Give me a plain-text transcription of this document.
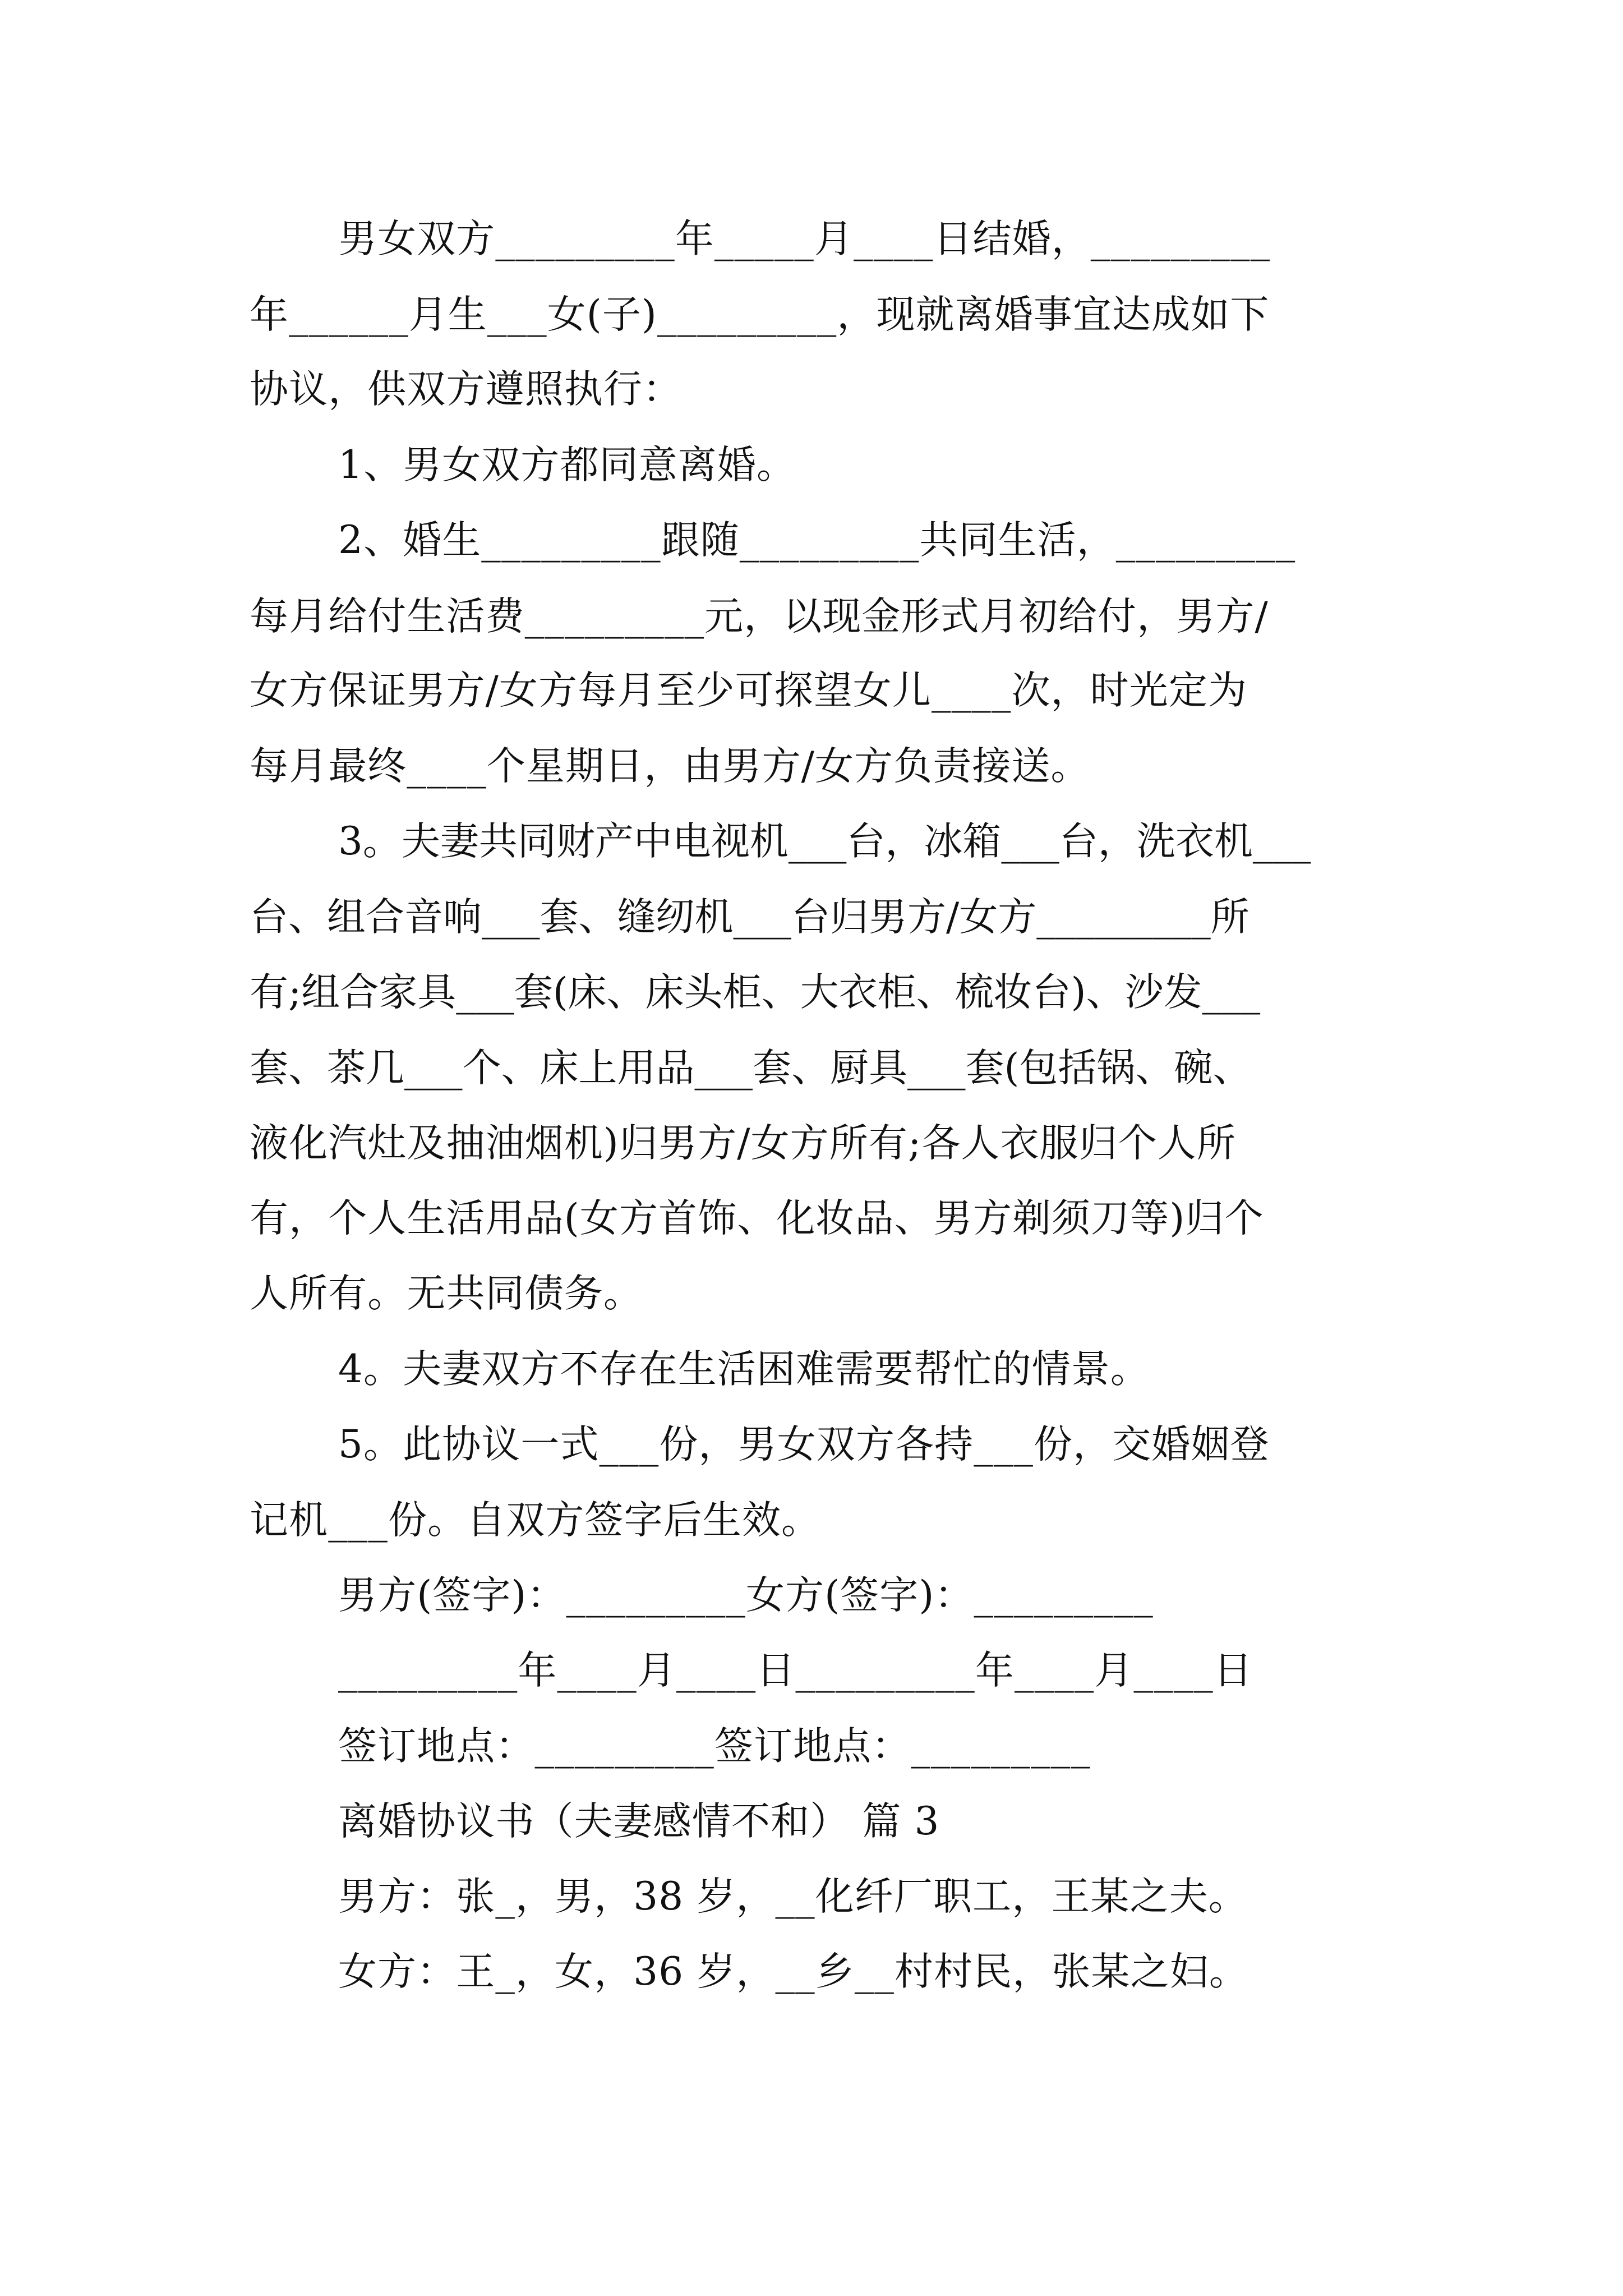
男女双方_________年_____月____日结婚，_________
年______月生___女(子)_________，现就离婚事宜达成如下
协议，供双方遵照执行：
1、男女双方都同意离婚。
2、婚生_________跟随_________共同生活，_________
每月给付生活费_________元，以现金形式月初给付，男方/
女方保证男方/女方每月至少可探望女儿____次，时光定为
每月最终____个星期日，由男方/女方负责接送。
3。夫妻共同财产中电视机___台，冰箱___台，洗衣机___
台、组合音响___套、缝纫机___台归男方/女方_________所
有;组合家具___套(床、床头柜、大衣柜、梳妆台)、沙发___
套、茶几___个、床上用品___套、厨具___套(包括锅、碗、
液化汽灶及抽油烟机)归男方/女方所有;各人衣服归个人所
有，个人生活用品(女方首饰、化妆品、男方剃须刀等)归个
人所有。无共同债务。
4。夫妻双方不存在生活困难需要帮忙的情景。
5。此协议一式___份，男女双方各持___份，交婚姻登
记机___份。自双方签字后生效。
男方(签字)：_________女方(签字)：_________
_________年____月____日_________年____月____日
签订地点：_________签订地点：_________
离婚协议书（夫妻感情不和） 篇 3
男方：张_，男，38 岁，__化纤厂职工，王某之夫。
女方：王_，女，36 岁，__乡__村村民，张某之妇。
